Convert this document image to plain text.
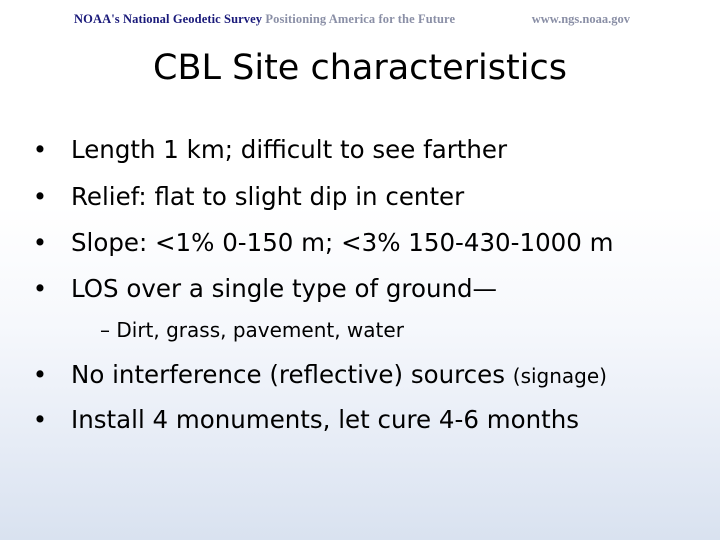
NOAA's National Geodetic Survey Positioning America for the Future	www.ngs.noaa.gov
CBL Site characteristics
• Length 1 km; difficult to see farther
• Relief: flat to slight dip in center
• Slope: <1% 0-150 m; <3% 150-430-1000 m
• LOS over a single type of ground—
– Dirt, grass, pavement, water
• No interference (reflective) sources (signage)
• Install 4 monuments, let cure 4-6 months
